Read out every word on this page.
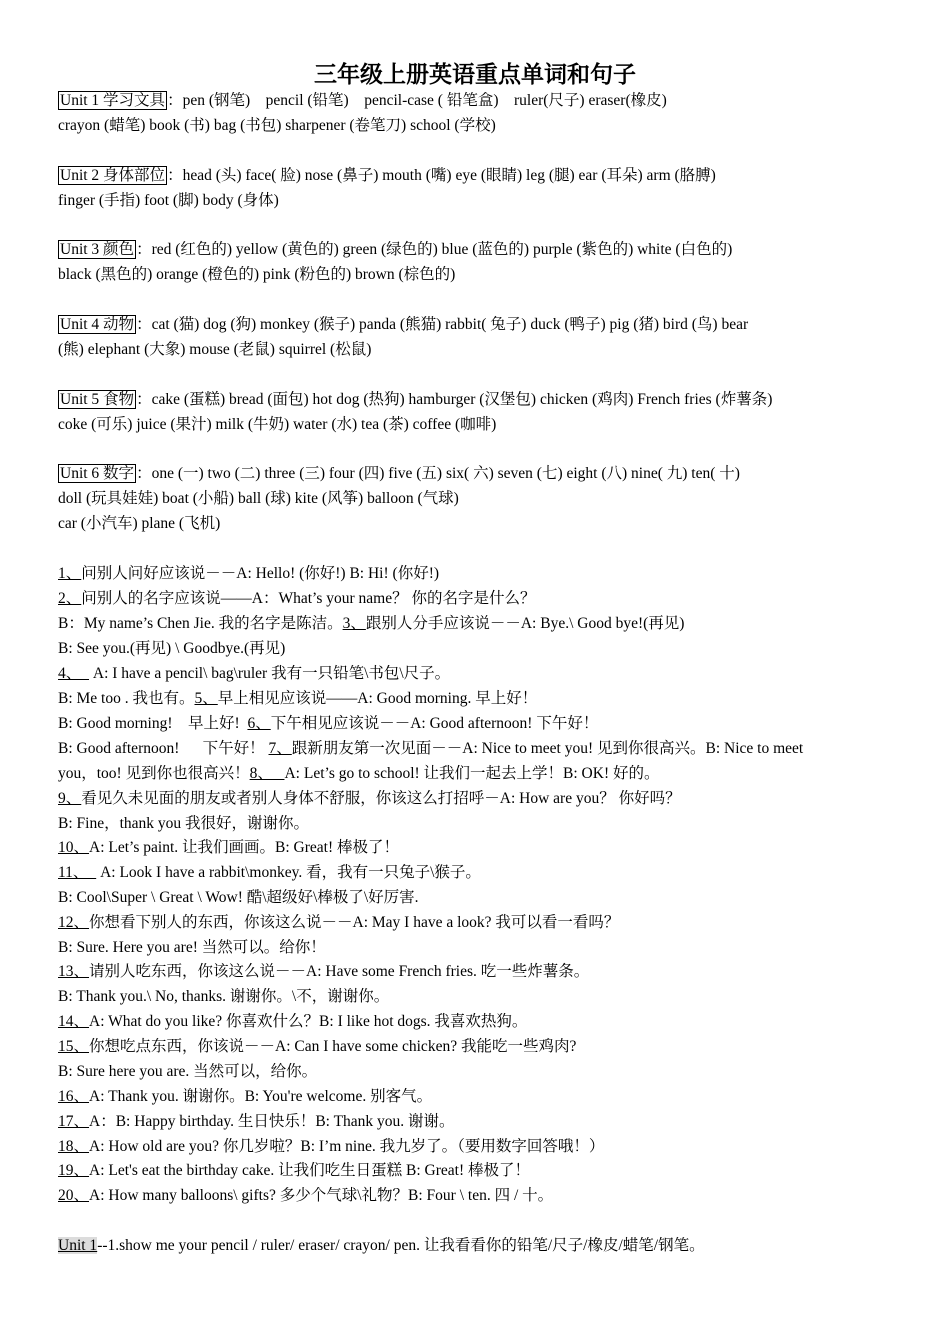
三年级上册英语重点单词和句子
Unit 1 学习文具 ：pen (钢笔)　pencil (铅笔)　pencil-case ( 铅笔盒)　ruler(尺子) eraser(橡皮)
crayon (蜡笔) book (书) bag (书包) sharpener (卷笔刀) school (学校)
Unit 2 身体部位 ：head (头) face( 脸) nose (鼻子) mouth (嘴) eye (眼睛) leg (腿) ear (耳朵) arm (胳膊)
finger (手指) foot (脚) body (身体)
Unit 3 颜色 ：red (红色的) yellow (黄色的) green (绿色的) blue (蓝色的) purple (紫色的) white (白色的)
black (黑色的) orange (橙色的) pink (粉色的) brown (棕色的)
Unit 4 动物 ：cat (猫) dog (狗) monkey (猴子) panda (熊猫) rabbit( 兔子) duck (鸭子) pig (猪) bird (鸟) bear
(熊) elephant (大象) mouse (老鼠) squirrel (松鼠)
Unit 5 食物 ：cake (蛋糕) bread (面包) hot dog (热狗) hamburger (汉堡包) chicken (鸡肉) French fries (炸薯条)
coke (可乐) juice (果汁) milk (牛奶) water (水) tea (茶) coffee (咖啡)
Unit 6 数字 ：one (一) two (二) three (三) four (四) five (五) six( 六) seven (七) eight (八) nine( 九) ten( 十)
doll (玩具娃娃) boat (小船) ball (球) kite (风筝) balloon (气球)
car (小汽车) plane (飞机)
1、问别人问好应该说－－A: Hello! (你好!) B: Hi! (你好!)
2、问别人的名字应该说——A：What’s your name？ 你的名字是什么？
B：My name’s Chen Jie. 我的名字是陈洁。3、跟别人分手应该说－－A: Bye.\ Good bye!(再见)
B: See you.(再见) \ Goodbye.(再见)
4、   A: I have a pencil\ bag\ruler 我有一只铅笔\书包\尺子。
B: Me too . 我也有。5、早上相见应该说——A: Good morning. 早上好！
B: Good morning!    早上好!  6、下午相见应该说－－A: Good afternoon! 下午好！
B: Good afternoon!      下午好！ 7、跟新朋友第一次见面－－A: Nice to meet you! 见到你很高兴。B: Nice to meet
you，too! 见到你也很高兴！8、   A: Let’s go to school! 让我们一起去上学！B: OK! 好的。
9、看见久未见面的朋友或者别人身体不舒服，你该这么打招呼－A: How are you？ 你好吗？
B: Fine，thank you 我很好，谢谢你。
10、A: Let’s paint. 让我们画画。B: Great! 棒极了！
11、   A: Look I have a rabbit\monkey. 看，我有一只兔子\猴子。
B: Cool\Super \ Great \ Wow! 酷\超级好\棒极了\好厉害.
12、你想看下别人的东西，你该这么说－－A: May I have a look? 我可以看一看吗？
B: Sure. Here you are! 当然可以。给你！
13、请别人吃东西，你该这么说－－A: Have some French fries. 吃一些炸薯条。
B: Thank you.\ No, thanks. 谢谢你。\不，谢谢你。
14、A: What do you like? 你喜欢什么？B: I like hot dogs. 我喜欢热狗。
15、你想吃点东西，你该说－－A: Can I have some chicken? 我能吃一些鸡肉?
B: Sure here you are. 当然可以，给你。
16、A: Thank you. 谢谢你。B: You're welcome. 别客气。
17、A：B: Happy birthday. 生日快乐！B: Thank you. 谢谢。
18、A: How old are you? 你几岁啦？B: I’m nine. 我九岁了。（要用数字回答哦！）
19、A: Let's eat the birthday cake. 让我们吃生日蛋糕 B: Great! 棒极了！
20、A: How many balloons\ gifts? 多少个气球\礼物？B: Four \ ten. 四 / 十。
Unit 1--1.show me your pencil / ruler/ eraser/ crayon/ pen. 让我看看你的铅笔/尺子/橡皮/蜡笔/钢笔。
